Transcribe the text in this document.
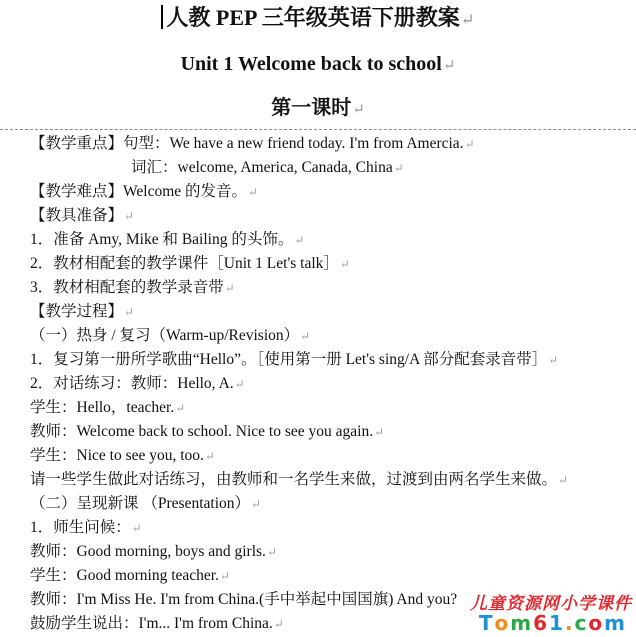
人教 PEP 三年级英语下册教案↵
Unit 1 Welcome back to school↵
第一课时↵
【教学重点】句型：We have a new friend today. I'm from Amercia.↵
词汇：welcome, America, Canada, China↵
【教学难点】Welcome 的发音。↵
【教具准备】↵
1．准备 Amy, Mike 和 Bailing 的头饰。↵
2．教材相配套的教学课件［Unit 1 Let's talk］↵
3．教材相配套的教学录音带↵
【教学过程】↵
（一）热身 / 复习（Warm-up/Revision）↵
1．复习第一册所学歌曲“Hello”。［使用第一册 Let's sing/A 部分配套录音带］↵
2．对话练习：教师：Hello, A.↵
学生：Hello，teacher.↵
教师：Welcome back to school. Nice to see you again.↵
学生：Nice to see you, too.↵
请一些学生做此对话练习，由教师和一名学生来做，过渡到由两名学生来做。↵
（二）呈现新课 （Presentation）↵
1．师生问候：↵
教师：Good morning, boys and girls.↵
学生：Good morning teacher.↵
教师：I'm Miss He. I'm from China.(手中举起中国国旗) And you?
鼓励学生说出：I'm... I'm from China.↵
儿童资源网小学课件
T o m 6 1 . c o m
